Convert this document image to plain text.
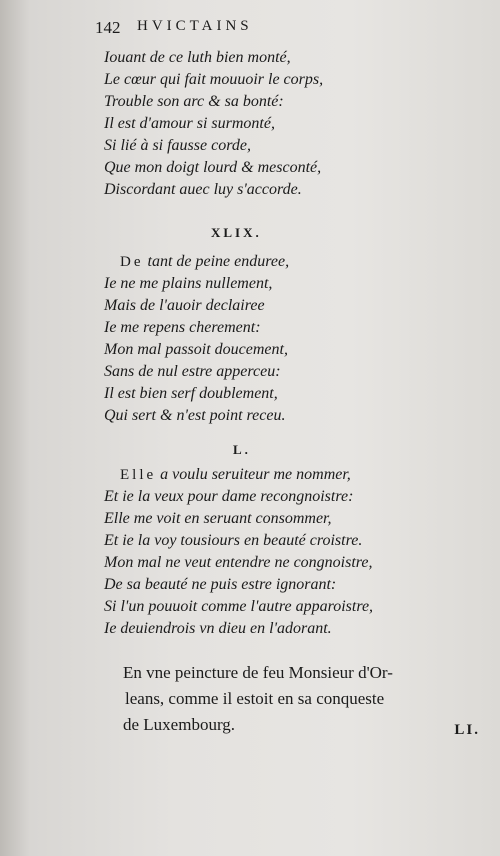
142 HVICTAINS
Iouant de ce luth bien monté,
Le cœur qui fait mouuoir le corps,
Trouble son arc & sa bonté:
Il est d'amour si surmonté,
Si lié à si fausse corde,
Que mon doigt lourd & mesconté,
Discordant auec luy s'accorde.
XLIX.
De tant de peine enduree,
Ie ne me plains nullement,
Mais de l'auoir declairee
Ie me repens cherement:
Mon mal passoit doucement,
Sans de nul estre apperceu:
Il est bien serf doublement,
Qui sert & n'est point receu.
L.
Elle a voulu seruiteur me nommer,
Et ie la veux pour dame recongnoistre:
Elle me voit en seruant consommer,
Et ie la voy tousiours en beauté croistre.
Mon mal ne veut entendre ne congnoistre,
De sa beauté ne puis estre ignorant:
Si l'un pouuoit comme l'autre apparoistre,
Ie deuiendrois vn dieu en l'adorant.
En vne peincture de feu Monsieur d'Or-
leans, comme il estoit en sa conqueste
de Luxembourg.	LI.
